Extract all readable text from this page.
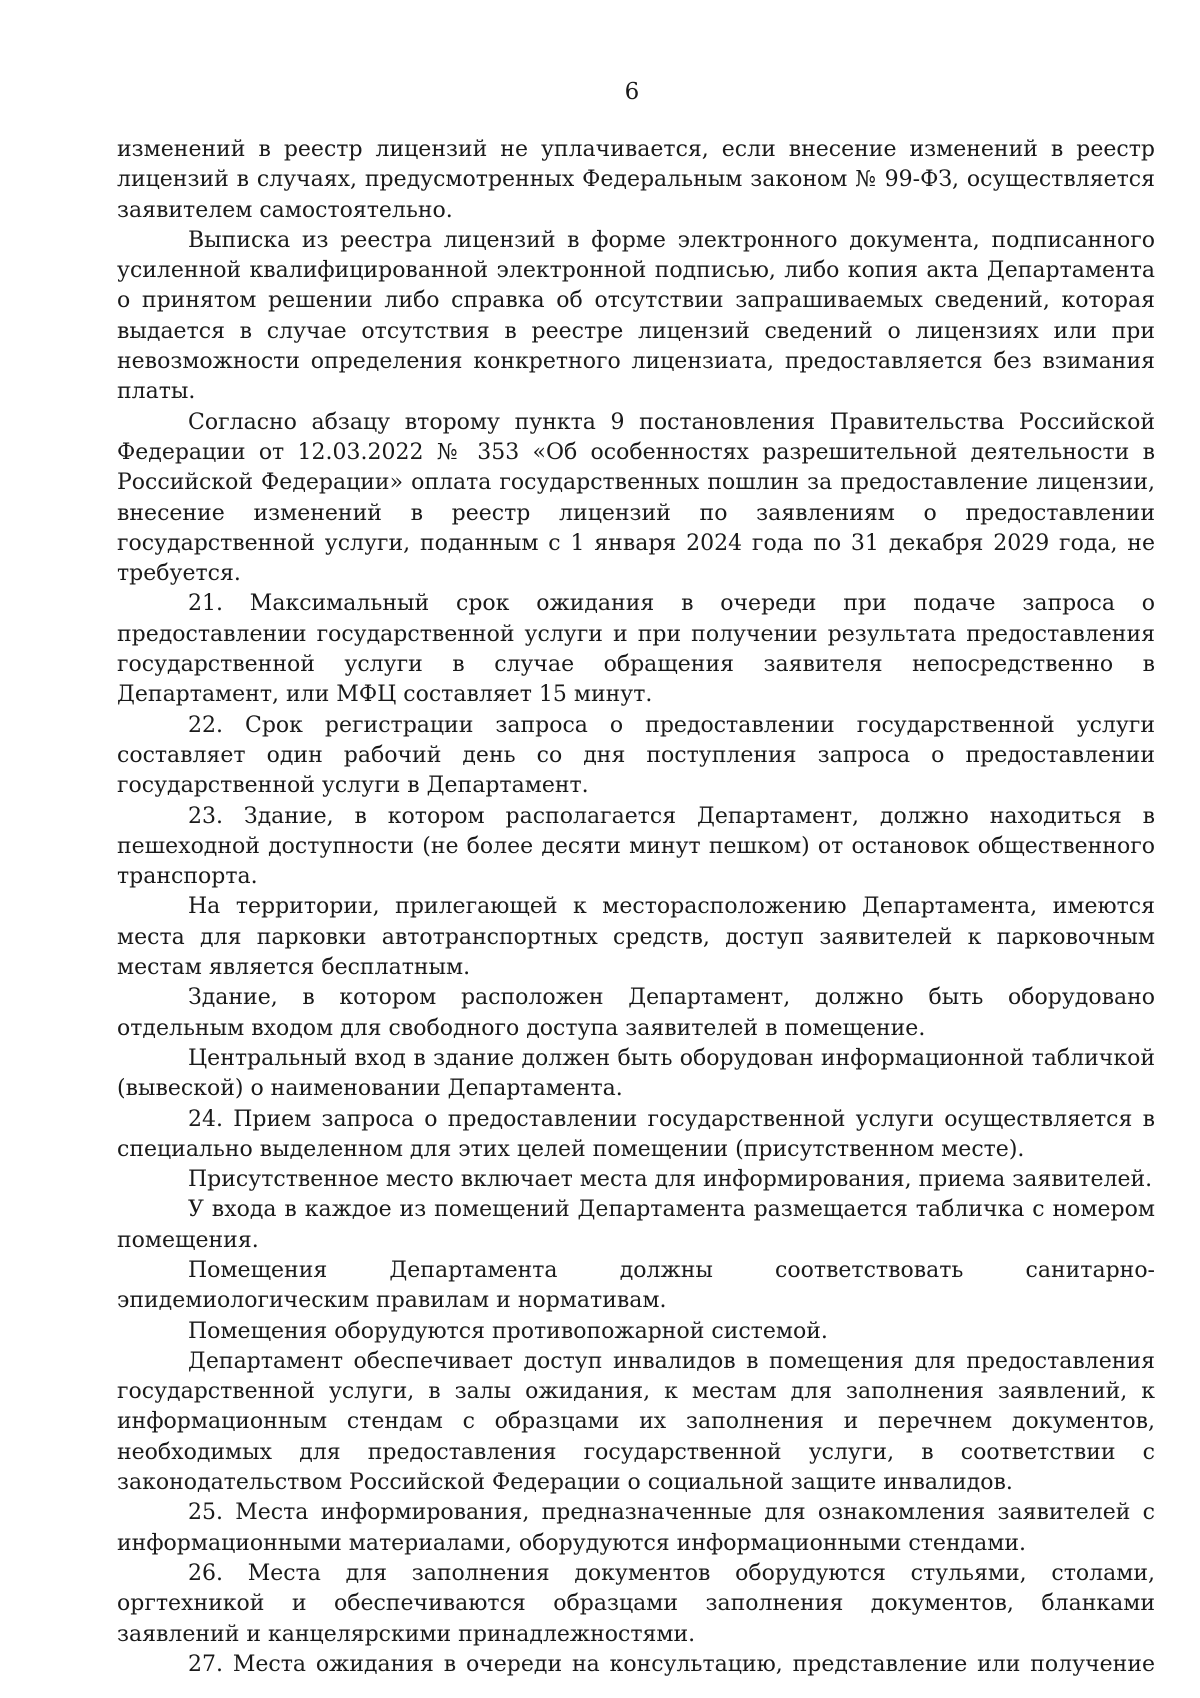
6

изменений в реестр лицензий не уплачивается, если внесение изменений в реестр лицензий в случаях, предусмотренных Федеральным законом № 99-ФЗ, осуществляется заявителем самостоятельно.

Выписка из реестра лицензий в форме электронного документа, подписанного усиленной квалифицированной электронной подписью, либо копия акта Департамента о принятом решении либо справка об отсутствии запрашиваемых сведений, которая выдается в случае отсутствия в реестре лицензий сведений о лицензиях или при невозможности определения конкретного лицензиата, предоставляется без взимания платы.

Согласно абзацу второму пункта 9 постановления Правительства Российской Федерации от 12.03.2022 № 353 «Об особенностях разрешительной деятельности в Российской Федерации» оплата государственных пошлин за предоставление лицензии, внесение изменений в реестр лицензий по заявлениям о предоставлении государственной услуги, поданным с 1 января 2024 года по 31 декабря 2029 года, не требуется.

21. Максимальный срок ожидания в очереди при подаче запроса о предоставлении государственной услуги и при получении результата предоставления государственной услуги в случае обращения заявителя непосредственно в Департамент, или МФЦ составляет 15 минут.

22. Срок регистрации запроса о предоставлении государственной услуги составляет один рабочий день со дня поступления запроса о предоставлении государственной услуги в Департамент.

23. Здание, в котором располагается Департамент, должно находиться в пешеходной доступности (не более десяти минут пешком) от остановок общественного транспорта.

На территории, прилегающей к месторасположению Департамента, имеются места для парковки автотранспортных средств, доступ заявителей к парковочным местам является бесплатным.

Здание, в котором расположен Департамент, должно быть оборудовано отдельным входом для свободного доступа заявителей в помещение.

Центральный вход в здание должен быть оборудован информационной табличкой (вывеской) о наименовании Департамента.

24. Прием запроса о предоставлении государственной услуги осуществляется в специально выделенном для этих целей помещении (присутственном месте).

Присутственное место включает места для информирования, приема заявителей.

У входа в каждое из помещений Департамента размещается табличка с номером помещения.

Помещения Департамента должны соответствовать санитарно-эпидемиологическим правилам и нормативам.

Помещения оборудуются противопожарной системой.

Департамент обеспечивает доступ инвалидов в помещения для предоставления государственной услуги, в залы ожидания, к местам для заполнения заявлений, к информационным стендам с образцами их заполнения и перечнем документов, необходимых для предоставления государственной услуги, в соответствии с законодательством Российской Федерации о социальной защите инвалидов.

25. Места информирования, предназначенные для ознакомления заявителей с информационными материалами, оборудуются информационными стендами.

26. Места для заполнения документов оборудуются стульями, столами, оргтехникой и обеспечиваются образцами заполнения документов, бланками заявлений и канцелярскими принадлежностями.

27. Места ожидания в очереди на консультацию, представление или получение
